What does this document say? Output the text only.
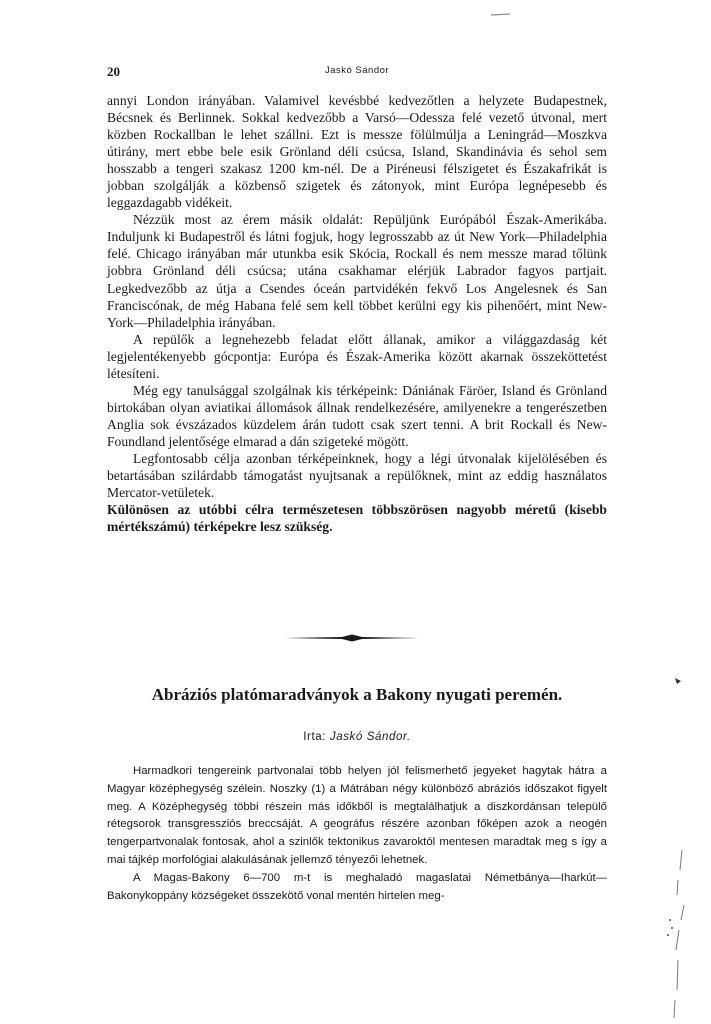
20	Jaskó Sándor

annyi London irányában. Valamivel kevésbbé kedvezőtlen a helyzete Budapestnek, Bécsnek és Berlinnek. Sokkal kedvezőbb a Varsó—Odessza felé vezető útvonal, mert közben Rockallban le lehet szállni. Ezt is messze fölülmúlja a Leningrád—Moszkva útirány, mert ebbe bele esik Grönland déli csúcsa, Island, Skandinávia és sehol sem hosszabb a tengeri szakasz 1200 km-nél. De a Piréneusi félszigetet és Északafrikát is jobban szolgálják a közbenső szigetek és zátonyok, mint Európa legnépesebb és leggazdagabb vidékeit.

Nézzük most az érem másik oldalát: Repüljünk Európából Észak-Amerikába. Induljunk ki Budapestről és látni fogjuk, hogy legrosszabb az út New York—Philadelphia felé. Chicago irányában már utunkba esik Skócia, Rockall és nem messze marad tőlünk jobbra Grönland déli csúcsa; utána csakhamar elérjük Labrador fagyos partjait. Legkedvezőbb az útja a Csendes óceán partvidékén fekvő Los Angelesnek és San Franciscónak, de még Habana felé sem kell többet kerülni egy kis pihenőért, mint New-York—Philadelphia irányában.

A repülők a legnehezebb feladat előtt állanak, amikor a világgazdaság két legjelentékenyebb gócpontja: Európa és Észak-Amerika között akarnak összeköttetést létesíteni.

Még egy tanulsággal szolgálnak kis térképeink: Dániának Färöer, Island és Grönland birtokában olyan aviatikai állomások állnak rendelkezésére, amilyenekre a tengerészetben Anglia sok évszázados küzdelem árán tudott csak szert tenni. A brit Rockall és New-Foundland jelentősége elmarad a dán szigeteké mögött.

Legfontosabb célja azonban térképeinknek, hogy a légi útvonalak kijelölésében és betartásában szilárdabb támogatást nyujtsanak a repülőknek, mint az eddig használatos Mercator-vetületek.

Különösen az utóbbi célra természetesen többszörösen nagyobb méretű (kisebb mértékszámú) térképekre lesz szükség.

Abráziós platómaradványok a Bakony nyugati peremén.
Irta: Jaskó Sándor.

Harmadkori tengereink partvonalai több helyen jól felismerhető jegyeket hagytak hátra a Magyar középhegység szélein. Noszky (1) a Mátrában négy különböző abráziós időszakot figyelt meg. A Középhegység többi részein más időkből is megtalálhatjuk a diszkordánsan települő rétegsorok transgressziós breccsáját. A geográfus részére azonban főképen azok a neogén tengerpartvonalak fontosak, ahol a szinlők tektonikus zavaroktól mentesen maradtak meg s így a mai tájkép morfológiai alakulásának jellemző tényezői lehetnek.

A Magas-Bakony 6—700 m-t is meghaladó magaslatai Németbánya—Iharkút—Bakonykoppány községeket összekötő vonal mentén hirtelen meg-
